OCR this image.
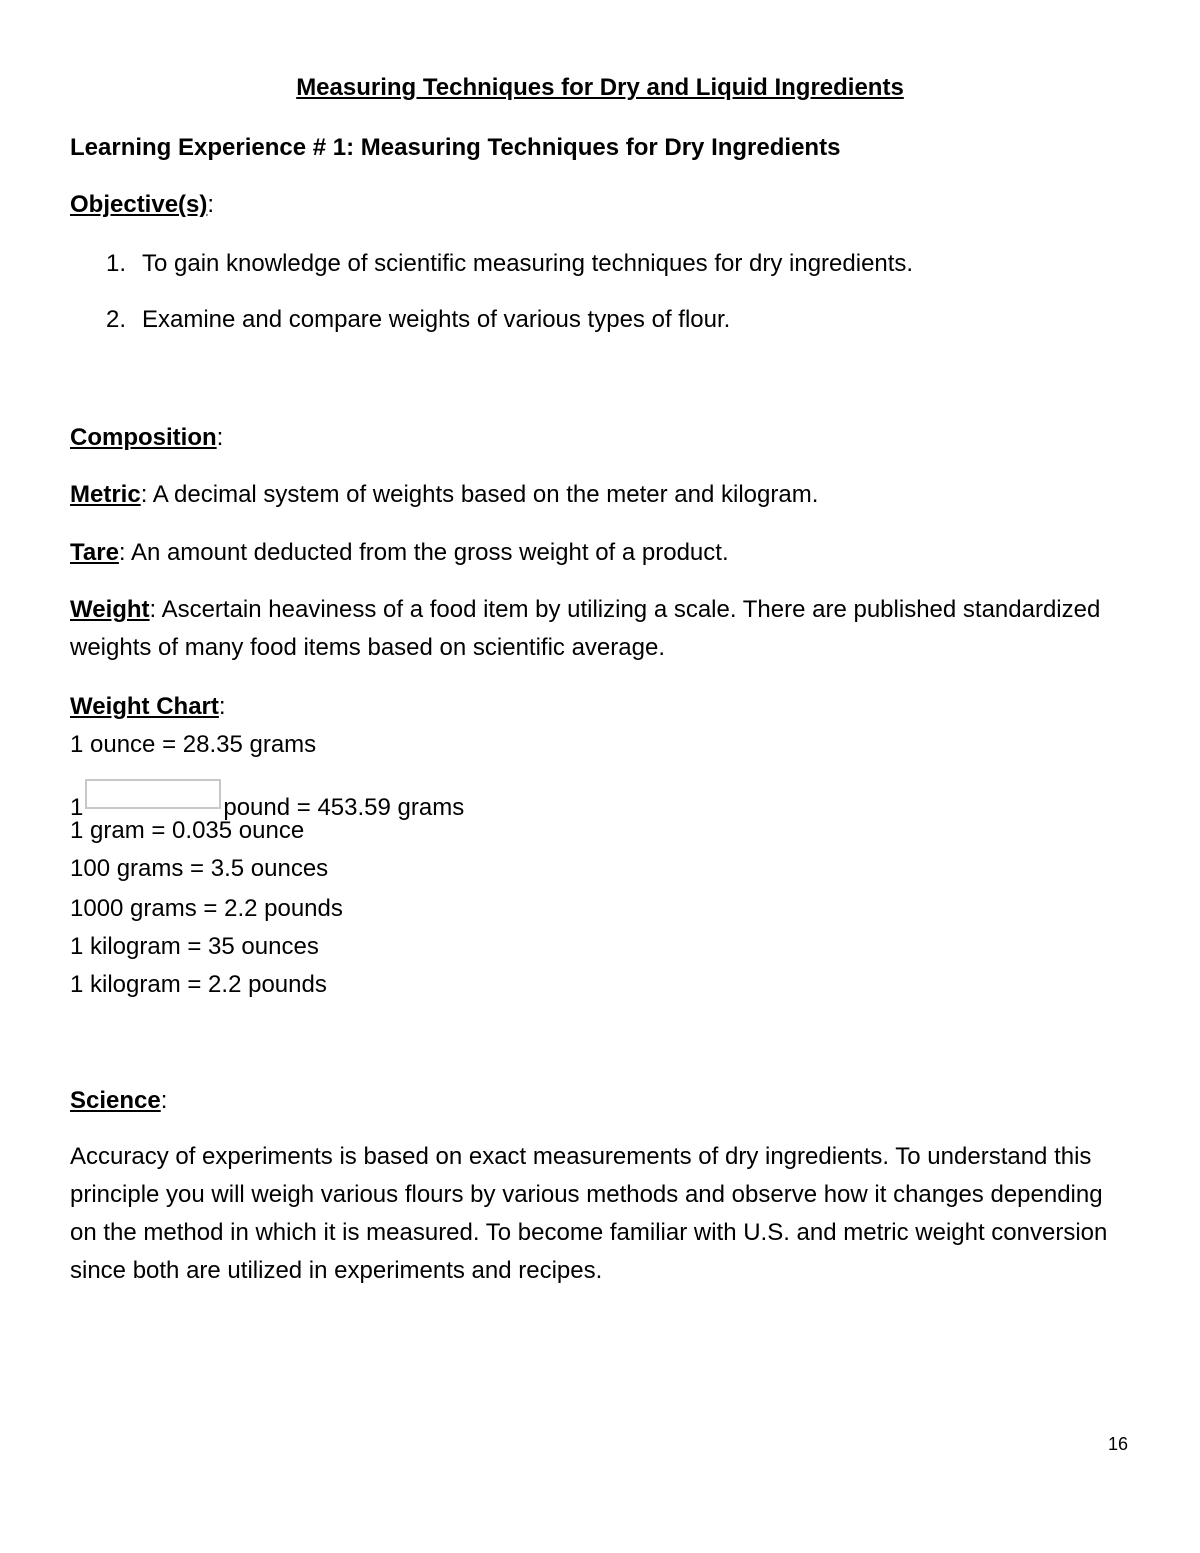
Measuring Techniques for Dry and Liquid Ingredients
Learning Experience # 1: Measuring Techniques for Dry Ingredients
Objective(s):
1. To gain knowledge of scientific measuring techniques for dry ingredients.
2. Examine and compare weights of various types of flour.
Composition:
Metric: A decimal system of weights based on the meter and kilogram.
Tare: An amount deducted from the gross weight of a product.
Weight: Ascertain heaviness of a food item by utilizing a scale. There are published standardized weights of many food items based on scientific average.
Weight Chart:
1 ounce = 28.35 grams
1	pound = 453.59 grams
1 gram = 0.035 ounce
100 grams = 3.5 ounces
1000 grams = 2.2 pounds
1 kilogram = 35 ounces
1 kilogram = 2.2 pounds
Science:
Accuracy of experiments is based on exact measurements of dry ingredients. To understand this principle you will weigh various flours by various methods and observe how it changes depending on the method in which it is measured. To become familiar with U.S. and metric weight conversion since both are utilized in experiments and recipes.
16
